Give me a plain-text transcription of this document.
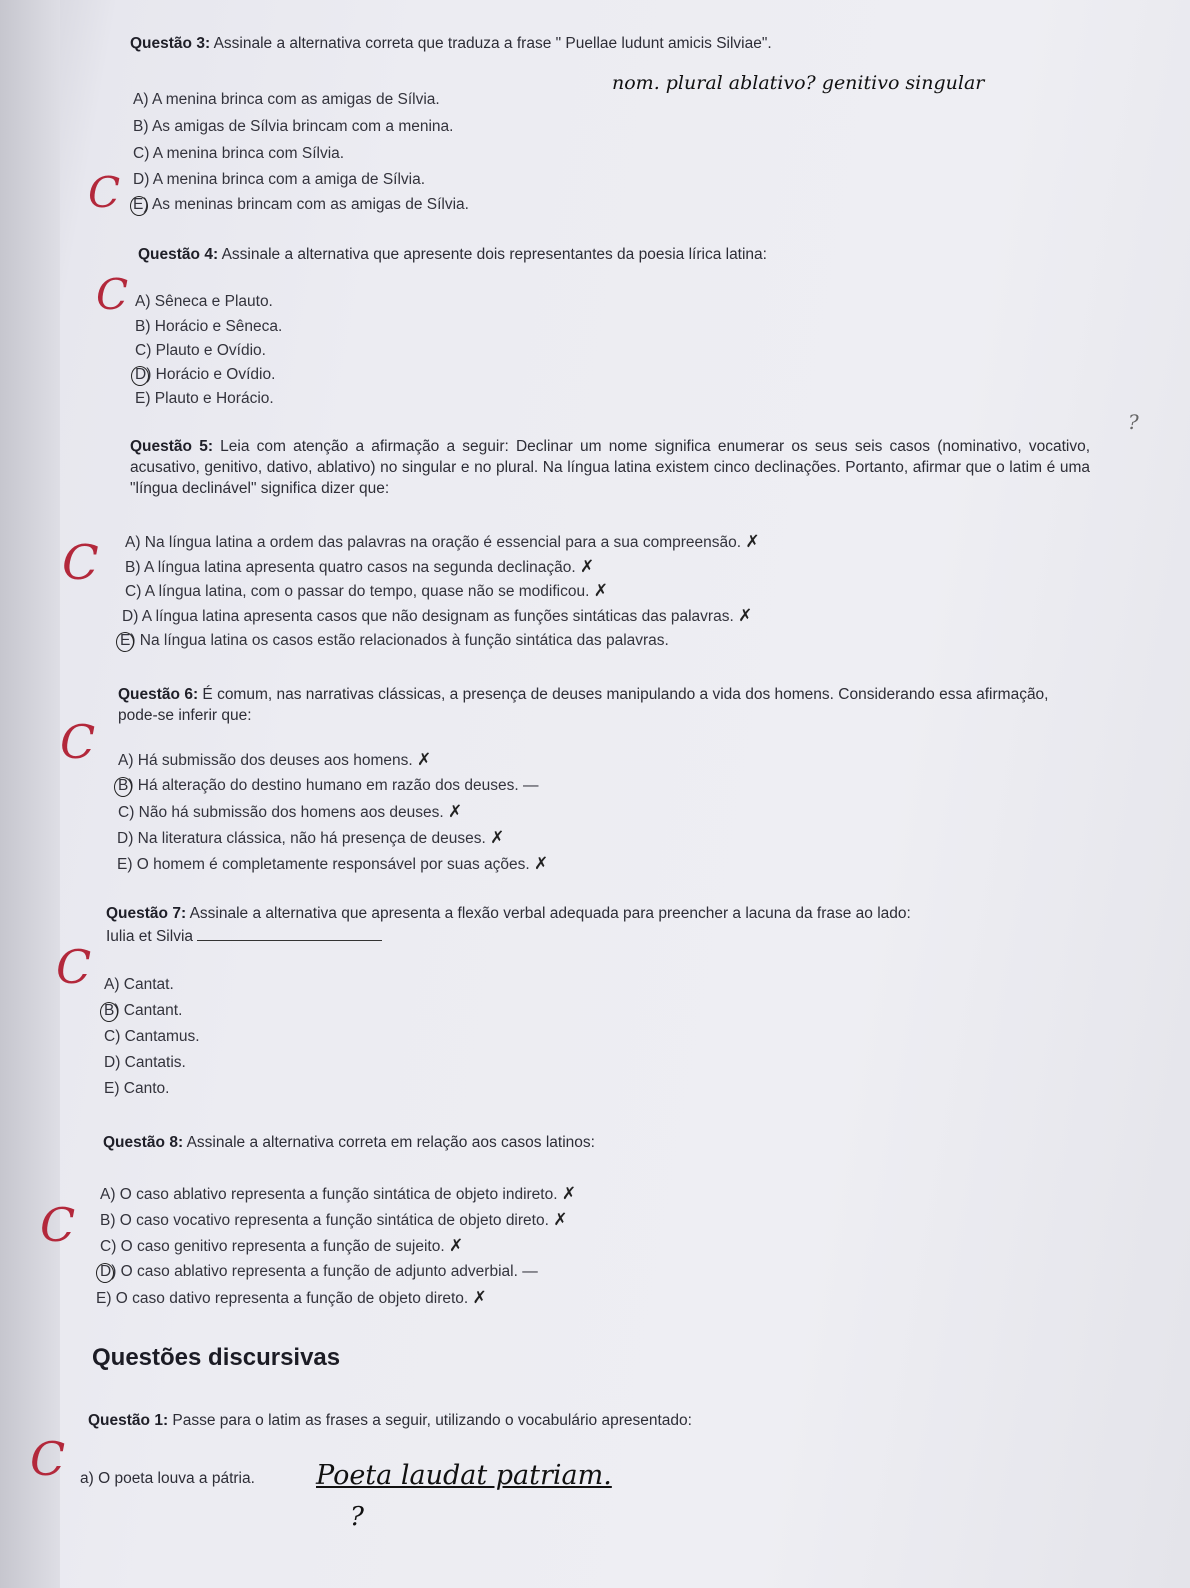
Questão 3: Assinale a alternativa correta que traduza a frase " Puellae ludunt amicis Silviae".
nom. plural ablativo? genitivo singular
A) A menina brinca com as amigas de Sílvia.
B) As amigas de Sílvia brincam com a menina.
C) A menina brinca com Sílvia.
D) A menina brinca com a amiga de Sílvia.
E) As meninas brincam com as amigas de Sílvia.
C
Questão 4: Assinale a alternativa que apresente dois representantes da poesia lírica latina:
A) Sêneca e Plauto.
B) Horácio e Sêneca.
C) Plauto e Ovídio.
D) Horácio e Ovídio.
E) Plauto e Horácio.
C
Questão 5: Leia com atenção a afirmação a seguir: Declinar um nome significa enumerar os seus seis casos (nominativo, vocativo, acusativo, genitivo, dativo, ablativo) no singular e no plural. Na língua latina existem cinco declinações. Portanto, afirmar que o latim é uma "língua declinável" significa dizer que:
?
A) Na língua latina a ordem das palavras na oração é essencial para a sua compreensão. ✗
B) A língua latina apresenta quatro casos na segunda declinação. ✗
C) A língua latina, com o passar do tempo, quase não se modificou. ✗
D) A língua latina apresenta casos que não designam as funções sintáticas das palavras. ✗
E) Na língua latina os casos estão relacionados à função sintática das palavras.
C
Questão 6: É comum, nas narrativas clássicas, a presença de deuses manipulando a vida dos homens. Considerando essa afirmação, pode-se inferir que:
A) Há submissão dos deuses aos homens. ✗
B) Há alteração do destino humano em razão dos deuses. —
C) Não há submissão dos homens aos deuses. ✗
D) Na literatura clássica, não há presença de deuses. ✗
E) O homem é completamente responsável por suas ações. ✗
C
Questão 7: Assinale a alternativa que apresenta a flexão verbal adequada para preencher a lacuna da frase ao lado:
Iulia et Silvia
A) Cantat.
B) Cantant.
C) Cantamus.
D) Cantatis.
E) Canto.
C
Questão 8: Assinale a alternativa correta em relação aos casos latinos:
A) O caso ablativo representa a função sintática de objeto indireto. ✗
B) O caso vocativo representa a função sintática de objeto direto. ✗
C) O caso genitivo representa a função de sujeito. ✗
D) O caso ablativo representa a função de adjunto adverbial. —
E) O caso dativo representa a função de objeto direto. ✗
C
Questões discursivas
Questão 1: Passe para o latim as frases a seguir, utilizando o vocabulário apresentado:
a) O poeta louva a pátria. Poeta laudat patriam.
?
C
